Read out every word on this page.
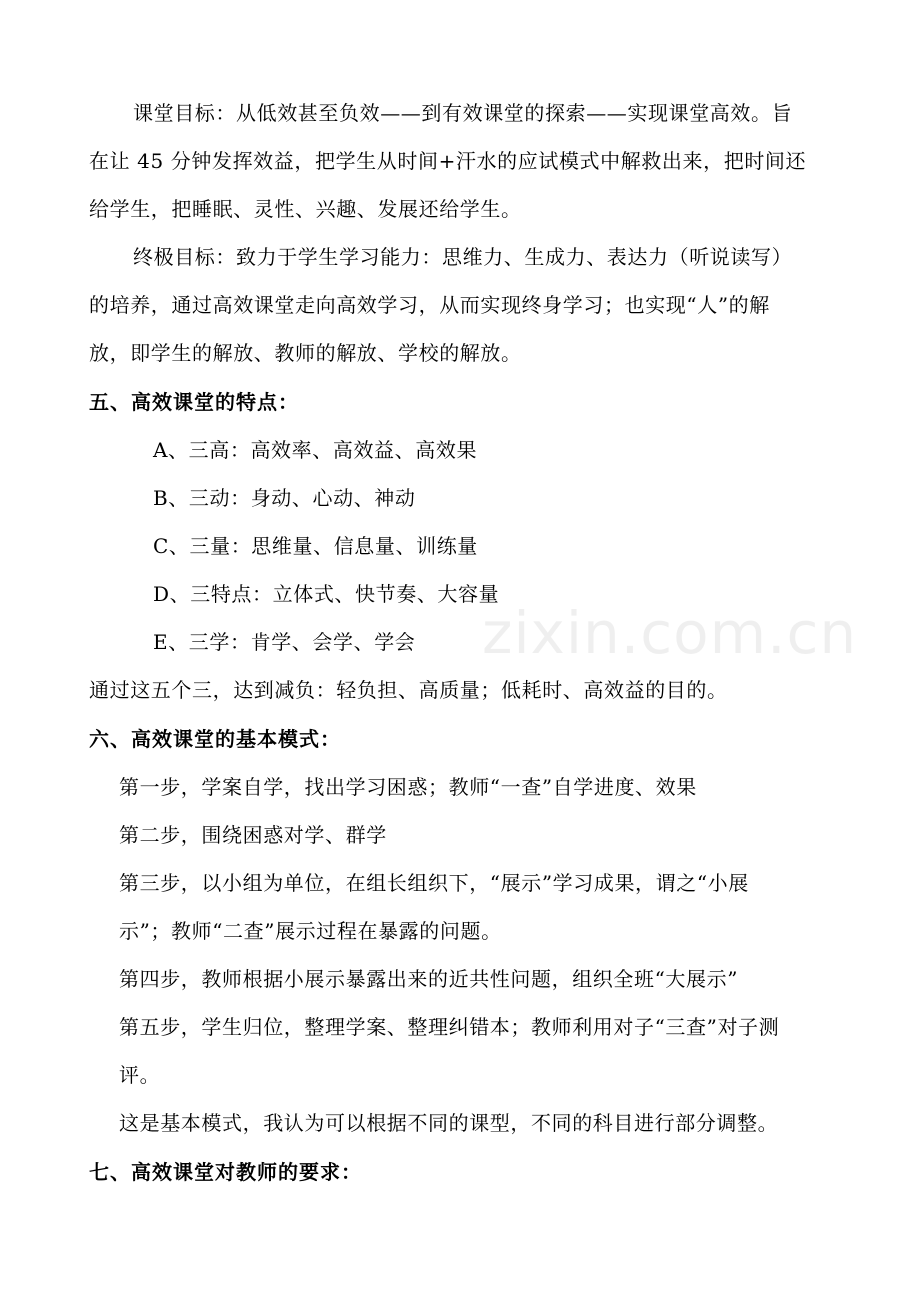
课堂目标：从低效甚至负效——到有效课堂的探索——实现课堂高效。旨
在让 45 分钟发挥效益，把学生从时间+汗水的应试模式中解救出来，把时间还
给学生，把睡眠、灵性、兴趣、发展还给学生。
终极目标：致力于学生学习能力：思维力、生成力、表达力（听说读写）
的培养，通过高效课堂走向高效学习，从而实现终身学习；也实现“人”的解
放，即学生的解放、教师的解放、学校的解放。
五、高效课堂的特点：
A、三高：高效率、高效益、高效果
B、三动：身动、心动、神动
C、三量：思维量、信息量、训练量
D、三特点：立体式、快节奏、大容量
E、三学：肯学、会学、学会
通过这五个三，达到减负：轻负担、高质量；低耗时、高效益的目的。
六、高效课堂的基本模式：
第一步，学案自学，找出学习困惑；教师“一查”自学进度、效果
第二步，围绕困惑对学、群学
第三步，以小组为单位，在组长组织下，“展示”学习成果，谓之“小展
示”；教师“二查”展示过程在暴露的问题。
第四步，教师根据小展示暴露出来的近共性问题，组织全班“大展示”
第五步，学生归位，整理学案、整理纠错本；教师利用对子“三查”对子测
评。
这是基本模式，我认为可以根据不同的课型，不同的科目进行部分调整。
七、高效课堂对教师的要求：
zixin.com.cn
